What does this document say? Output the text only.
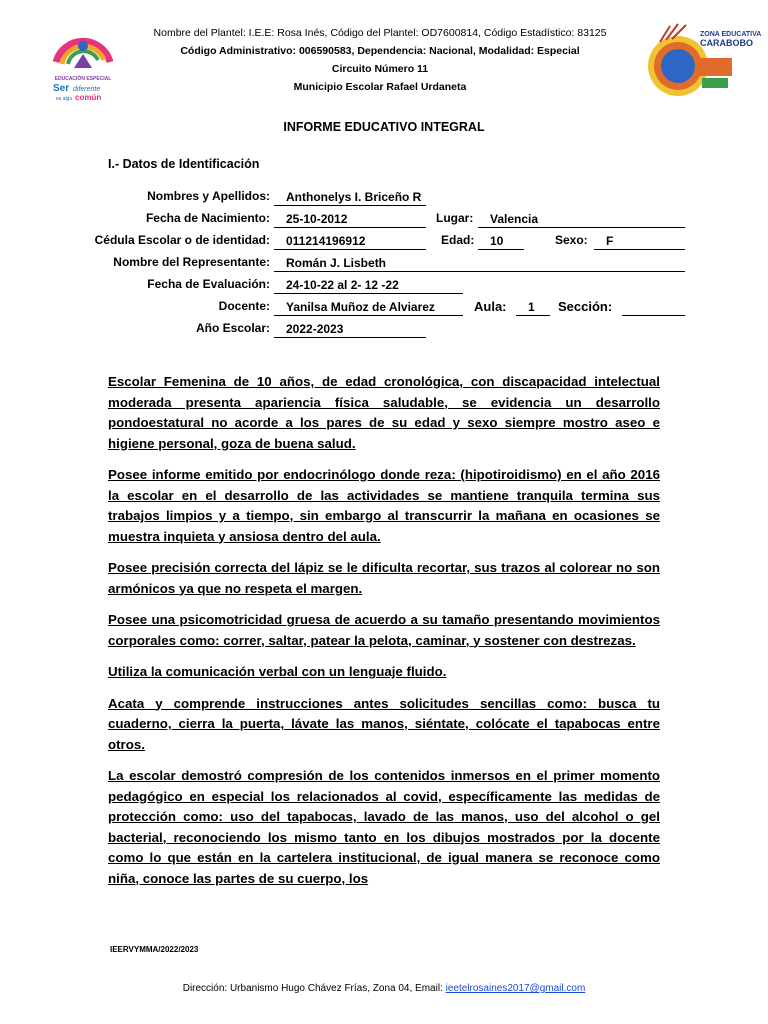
EDUCACIÓN ESPECIAL
Ser diferente
es algo común
ZONA EDUCATIVA
CARABOBO
Nombre del Plantel: I.E.E: Rosa Inés, Código del Plantel: OD7600814, Código Estadístico: 83125
Código Administrativo: 006590583, Dependencia: Nacional, Modalidad: Especial
Circuito Número 11
Municipio Escolar Rafael Urdaneta
INFORME EDUCATIVO INTEGRAL
I.- Datos de Identificación
Nombres y Apellidos:	Anthonelys I. Briceño R
Fecha de Nacimiento:	25-10-2012	Lugar:	Valencia
Cédula Escolar o de identidad:	011214196912	Edad:	10	Sexo:	F
Nombre del Representante:	Román J. Lisbeth
Fecha de Evaluación:	24-10-22 al 2- 12 -22
Docente:	Yanilsa Muñoz de Alviarez	Aula:	1	Sección:
Año Escolar:	2022-2023

Escolar Femenina de 10 años, de edad cronológica, con discapacidad intelectual moderada presenta apariencia física saludable, se evidencia un desarrollo pondoestatural no acorde a los pares de su edad y sexo siempre mostro aseo e higiene personal, goza de buena salud.

Posee informe emitido por endocrinólogo donde reza: (hipotiroidismo) en el año 2016 la escolar en el desarrollo de las actividades se mantiene tranquila termina sus trabajos limpios y a tiempo, sin embargo al transcurrir la mañana en ocasiones se muestra inquieta y ansiosa dentro del aula.

Posee precisión correcta del lápiz se le dificulta recortar, sus trazos al colorear no son armónicos ya que no respeta el margen.

Posee una psicomotricidad gruesa de acuerdo a su tamaño presentando movimientos corporales como: correr, saltar, patear la pelota, caminar, y sostener con destrezas.

Utiliza la comunicación verbal con un lenguaje fluido.

Acata y comprende instrucciones antes solicitudes sencillas como: busca tu cuaderno, cierra la puerta, lávate las manos, siéntate, colócate el tapabocas entre otros.

La escolar demostró compresión de los contenidos inmersos en el primer momento pedagógico en especial los relacionados al covid, específicamente las medidas de protección como: uso del tapabocas, lavado de las manos, uso del alcohol o gel bacterial, reconociendo los mismo tanto en los dibujos mostrados por la docente como lo que están en la cartelera institucional, de igual manera se reconoce como niña, conoce las partes de su cuerpo, los

IEERVYMMA/2022/2023
Dirección: Urbanismo Hugo Chávez Frías, Zona 04, Email: ieetelrosaines2017@gmail.com
